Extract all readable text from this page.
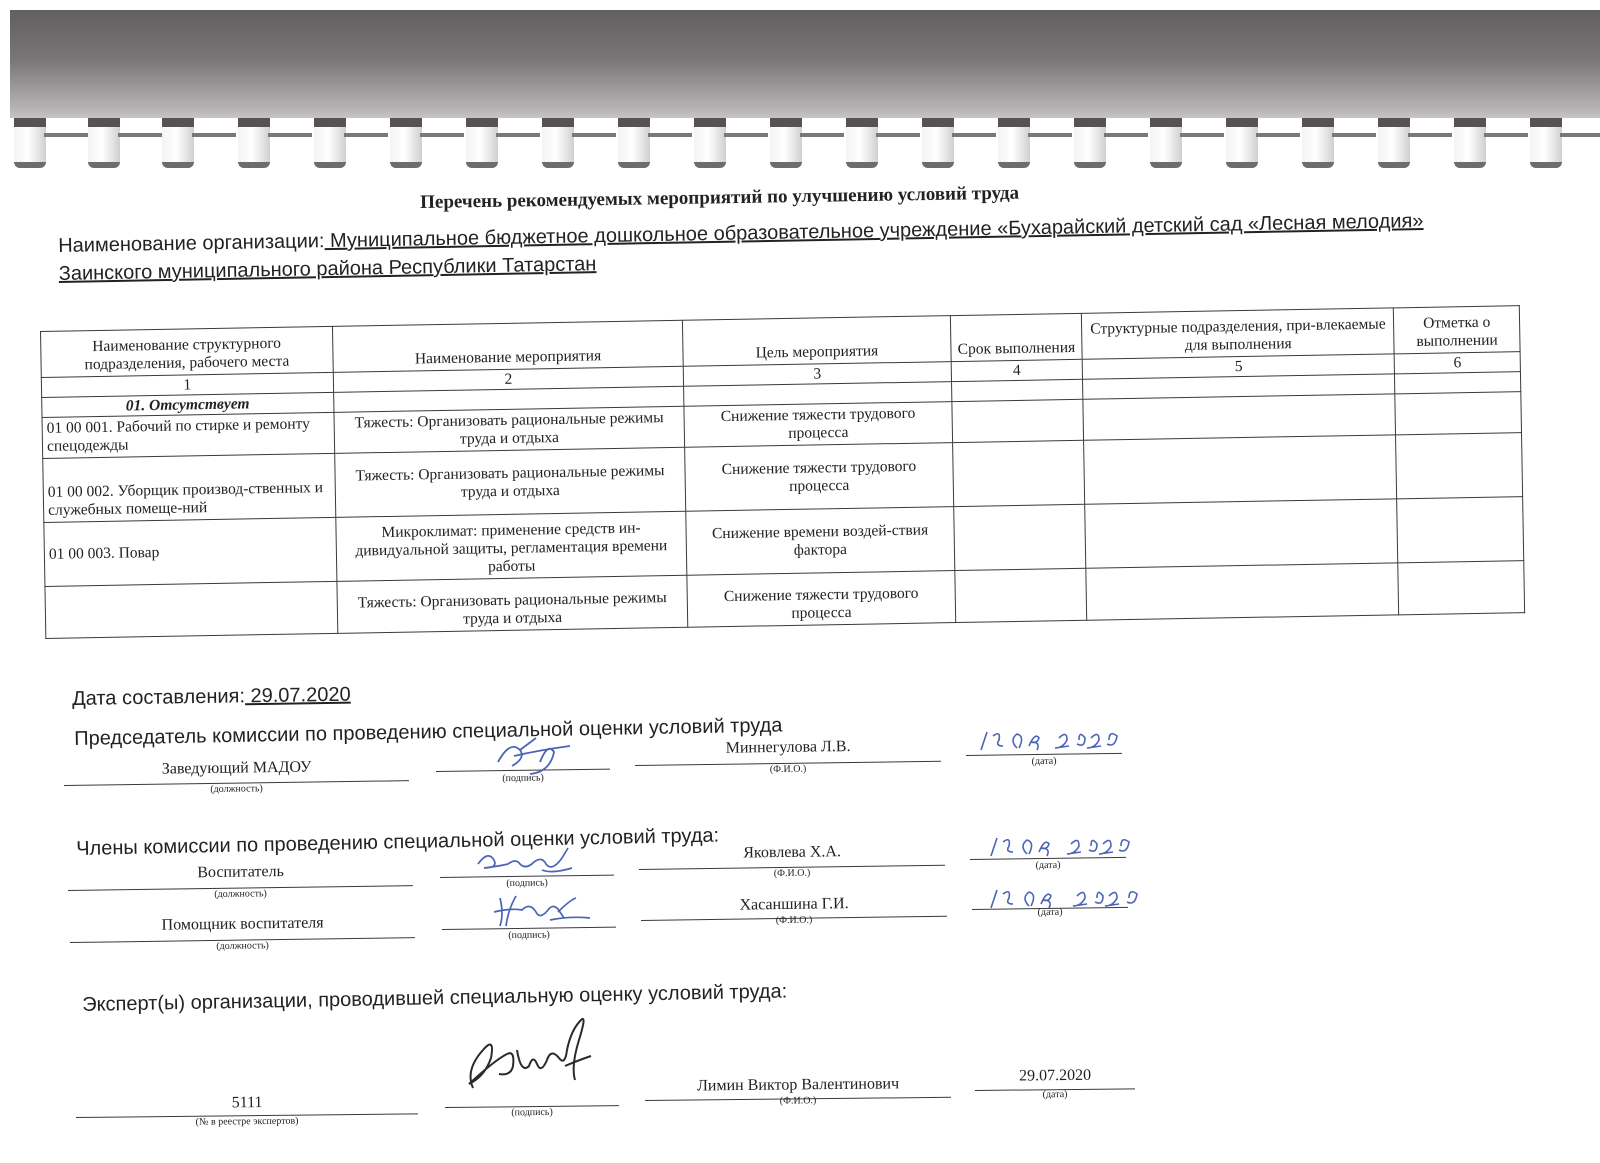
Перечень рекомендуемых мероприятий по улучшению условий труда
Наименование организации: Муниципальное бюджетное дошкольное образовательное учреждение «Бухарайский детский сад «Лесная мелодия»
Заинского муниципального района Республики Татарстан
Наименование структурного подразделения, рабочего места	Наименование мероприятия	Цель мероприятия	Срок выполнения	Структурные подразделения, при-влекаемые для выполнения	Отметка о выполнении
1	2	3	4	5	6
01. Отсутствует					
01 00 001. Рабочий по стирке и ремонту спецодежды	Тяжесть: Организовать рациональные режимы труда и отдыха	Снижение тяжести трудового процесса			
01 00 002. Уборщик производ-ственных и служебных помеще-ний	Тяжесть: Организовать рациональные режимы труда и отдыха	Снижение тяжести трудового процесса			
01 00 003. Повар	Микроклимат: применение средств ин-дивидуальной защиты, регламентация времени работы	Снижение времени воздей-ствия фактора			
	Тяжесть: Организовать рациональные режимы труда и отдыха	Снижение тяжести трудового процесса			
Дата составления: 29.07.2020
Председатель комиссии по проведению специальной оценки условий труда
Заведующий МАДОУ
(должность)
(подпись)
Миннегулова Л.В.
(Ф.И.О.)
(дата)
Члены комиссии по проведению специальной оценки условий труда:
Воспитатель
(должность)
(подпись)
Яковлева Х.А.
(Ф.И.О.)
(дата)
Помощник воспитателя
(должность)
(подпись)
Хасаншина Г.И.
(Ф.И.О.)
(дата)
Эксперт(ы) организации, проводившей специальную оценку условий труда:
5111
(№ в реестре экспертов)
(подпись)
Лимин Виктор Валентинович
(Ф.И.О.)
29.07.2020
(дата)
